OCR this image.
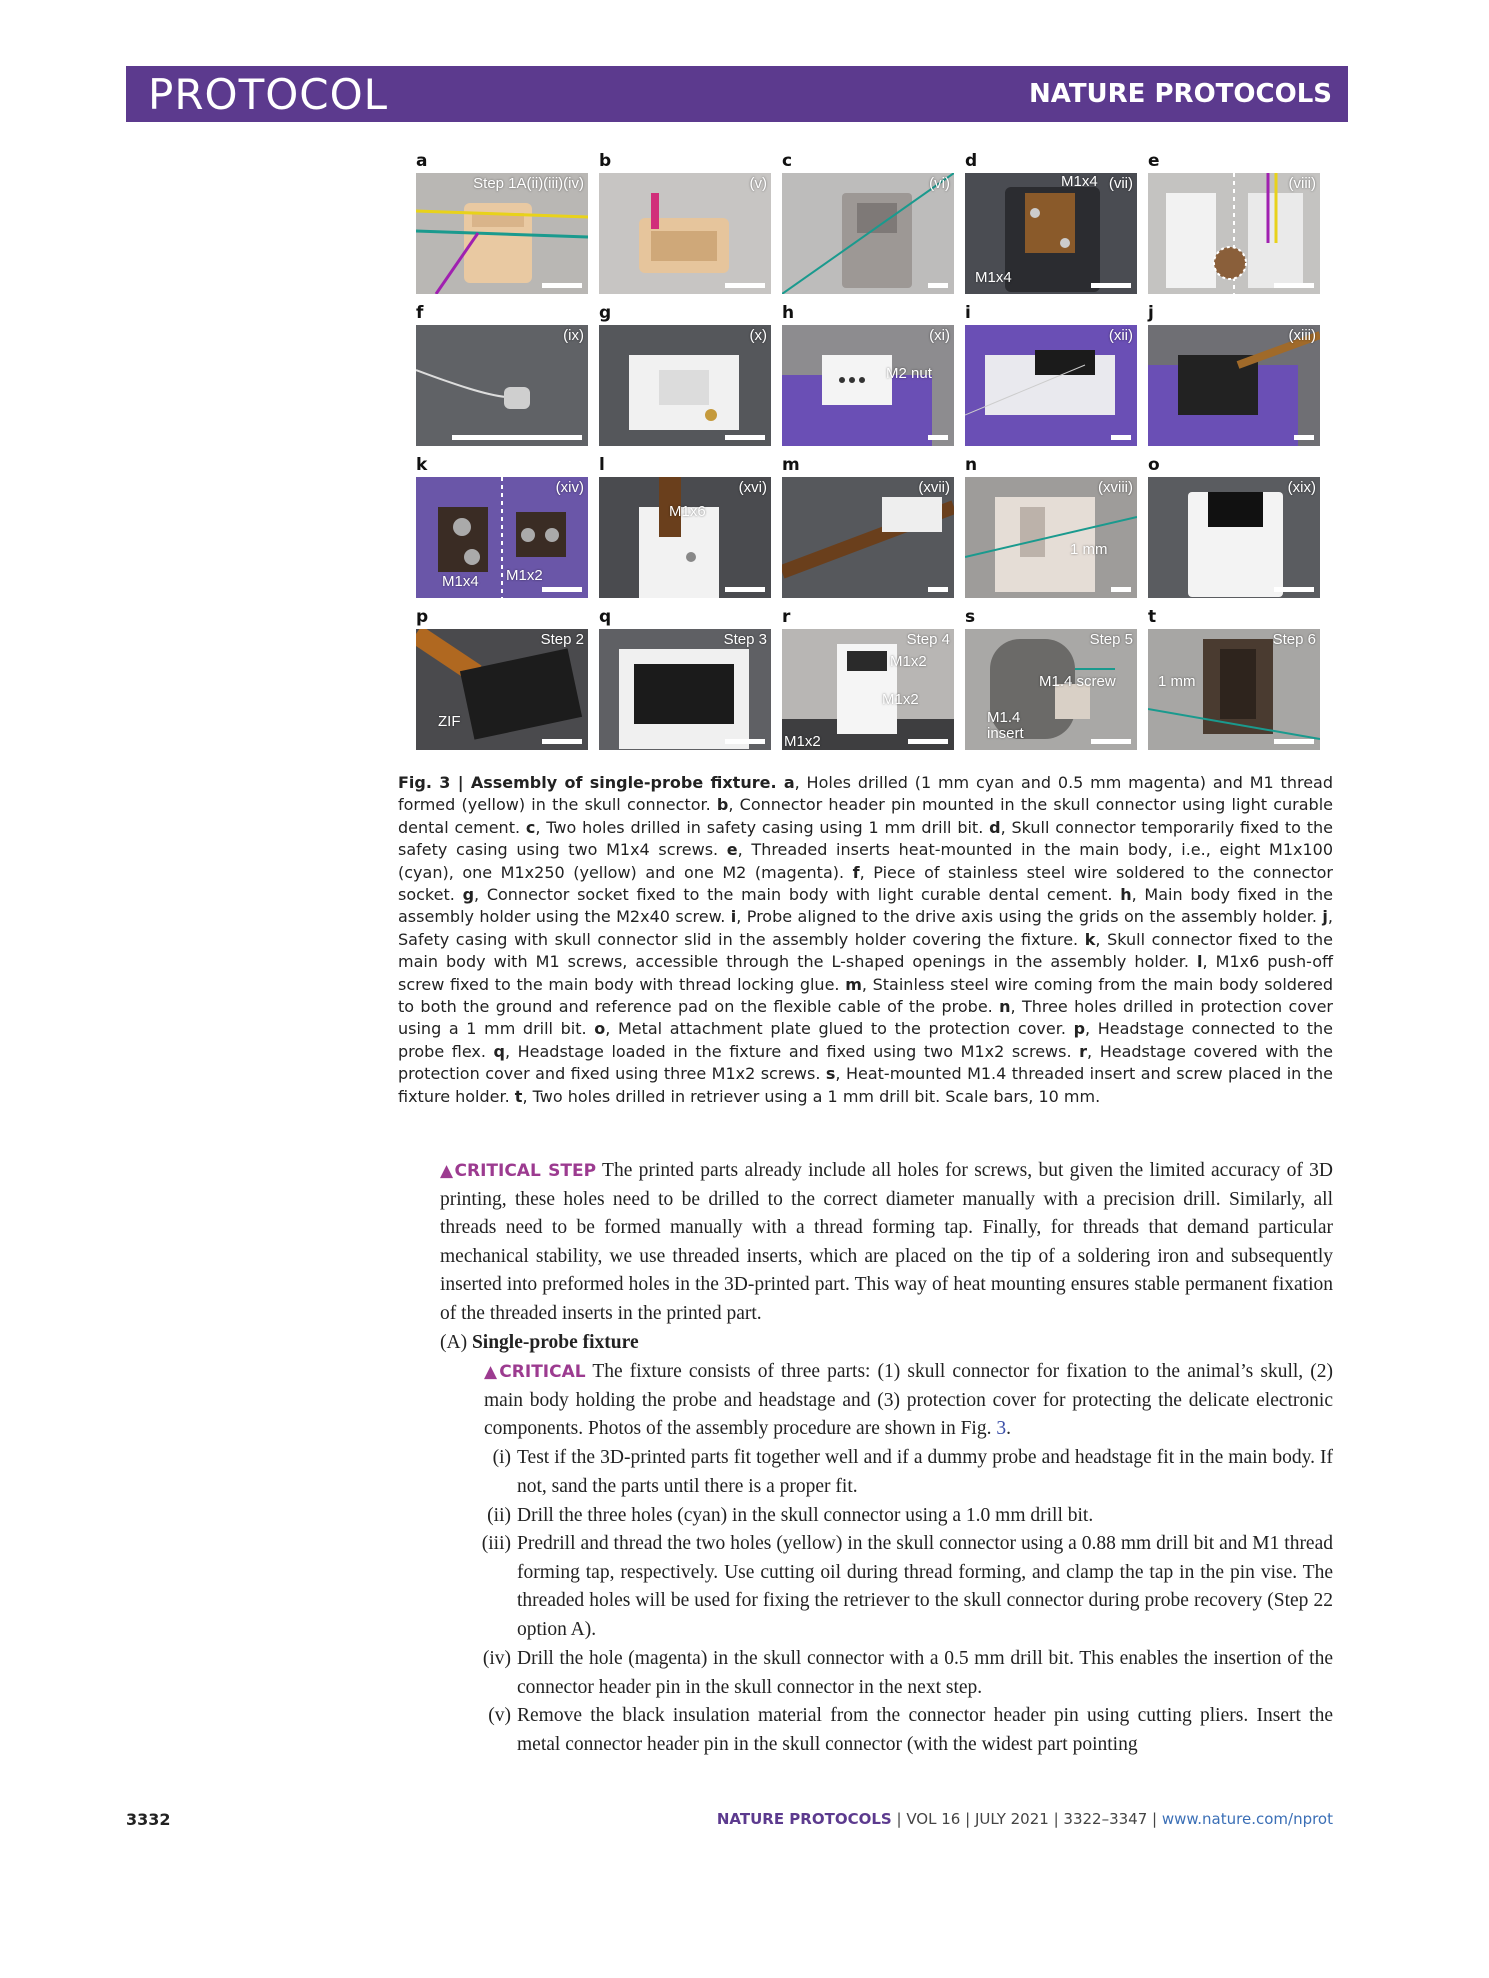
PROTOCOL	NATURE PROTOCOLS
a
Step 1A(ii)(iii)(iv)
b
(v)
c
(vi)
d
(vii)
M1x4
M1x4
e
(viii)
f
(ix)
g
(x)
h
(xi)
M2 nut
i
(xii)
j
(xiii)
k
(xiv)
M1x4 M1x2
l
(xvi)
M1x6
m
(xvii)
n
(xviii)
1 mm
o
(xix)
p
Step 2
ZIF
q
Step 3
r
Step 4
M1x2
M1x2
M1x2
s
Step 5
M1.4 screw
M1.4
insert
t
Step 6
1 mm
Fig. 3 | Assembly of single-probe fixture. a, Holes drilled (1 mm cyan and 0.5 mm magenta) and M1 thread formed (yellow) in the skull connector. b, Connector header pin mounted in the skull connector using light curable dental cement. c, Two holes drilled in safety casing using 1 mm drill bit. d, Skull connector temporarily fixed to the safety casing using two M1x4 screws. e, Threaded inserts heat-mounted in the main body, i.e., eight M1x100 (cyan), one M1x250 (yellow) and one M2 (magenta). f, Piece of stainless steel wire soldered to the connector socket. g, Connector socket fixed to the main body with light curable dental cement. h, Main body fixed in the assembly holder using the M2x40 screw. i, Probe aligned to the drive axis using the grids on the assembly holder. j, Safety casing with skull connector slid in the assembly holder covering the fixture. k, Skull connector fixed to the main body with M1 screws, accessible through the L-shaped openings in the assembly holder. l, M1x6 push-off screw fixed to the main body with thread locking glue. m, Stainless steel wire coming from the main body soldered to both the ground and reference pad on the flexible cable of the probe. n, Three holes drilled in protection cover using a 1 mm drill bit. o, Metal attachment plate glued to the protection cover. p, Headstage connected to the probe flex. q, Headstage loaded in the fixture and fixed using two M1x2 screws. r, Headstage covered with the protection cover and fixed using three M1x2 screws. s, Heat-mounted M1.4 threaded insert and screw placed in the fixture holder. t, Two holes drilled in retriever using a 1 mm drill bit. Scale bars, 10 mm.
▲CRITICAL STEP The printed parts already include all holes for screws, but given the limited accuracy of 3D printing, these holes need to be drilled to the correct diameter manually with a precision drill. Similarly, all threads need to be formed manually with a thread forming tap. Finally, for threads that demand particular mechanical stability, we use threaded inserts, which are placed on the tip of a soldering iron and subsequently inserted into preformed holes in the 3D-printed part. This way of heat mounting ensures stable permanent fixation of the threaded inserts in the printed part.
(A) Single-probe fixture
▲CRITICAL The fixture consists of three parts: (1) skull connector for fixation to the animal’s skull, (2) main body holding the probe and headstage and (3) protection cover for protecting the delicate electronic components. Photos of the assembly procedure are shown in Fig. 3.
(i) Test if the 3D-printed parts fit together well and if a dummy probe and headstage fit in the main body. If not, sand the parts until there is a proper fit.
(ii) Drill the three holes (cyan) in the skull connector using a 1.0 mm drill bit.
(iii) Predrill and thread the two holes (yellow) in the skull connector using a 0.88 mm drill bit and M1 thread forming tap, respectively. Use cutting oil during thread forming, and clamp the tap in the pin vise. The threaded holes will be used for fixing the retriever to the skull connector during probe recovery (Step 22 option A).
(iv) Drill the hole (magenta) in the skull connector with a 0.5 mm drill bit. This enables the insertion of the connector header pin in the skull connector in the next step.
(v) Remove the black insulation material from the connector header pin using cutting pliers. Insert the metal connector header pin in the skull connector (with the widest part pointing
3332	NATURE PROTOCOLS | VOL 16 | JULY 2021 | 3322–3347 | www.nature.com/nprot
